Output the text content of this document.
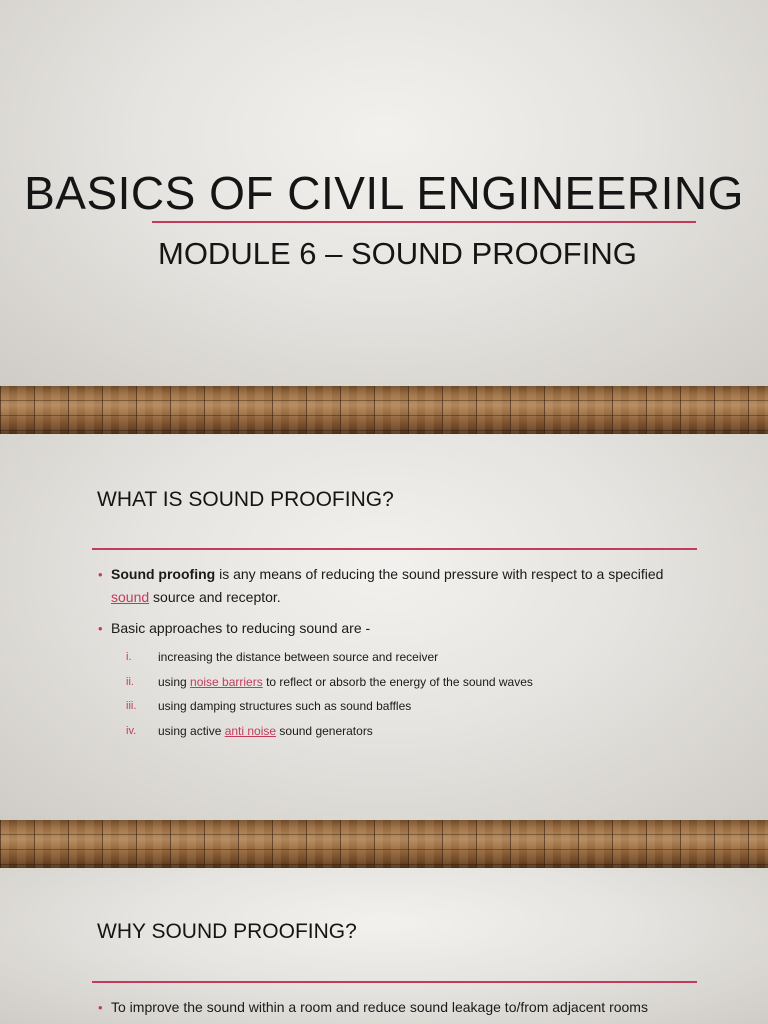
BASICS OF CIVIL ENGINEERING
MODULE 6 – SOUND PROOFING
WHAT IS SOUND PROOFING?
• Sound proofing is any means of reducing the sound pressure with respect to a specified sound source and receptor.
• Basic approaches to reducing sound are -
i. increasing the distance between source and receiver
ii. using noise barriers to reflect or absorb the energy of the sound waves
iii. using damping structures such as sound baffles
iv. using active anti noise sound generators
WHY SOUND PROOFING?
• To improve the sound within a room and reduce sound leakage to/from adjacent rooms
